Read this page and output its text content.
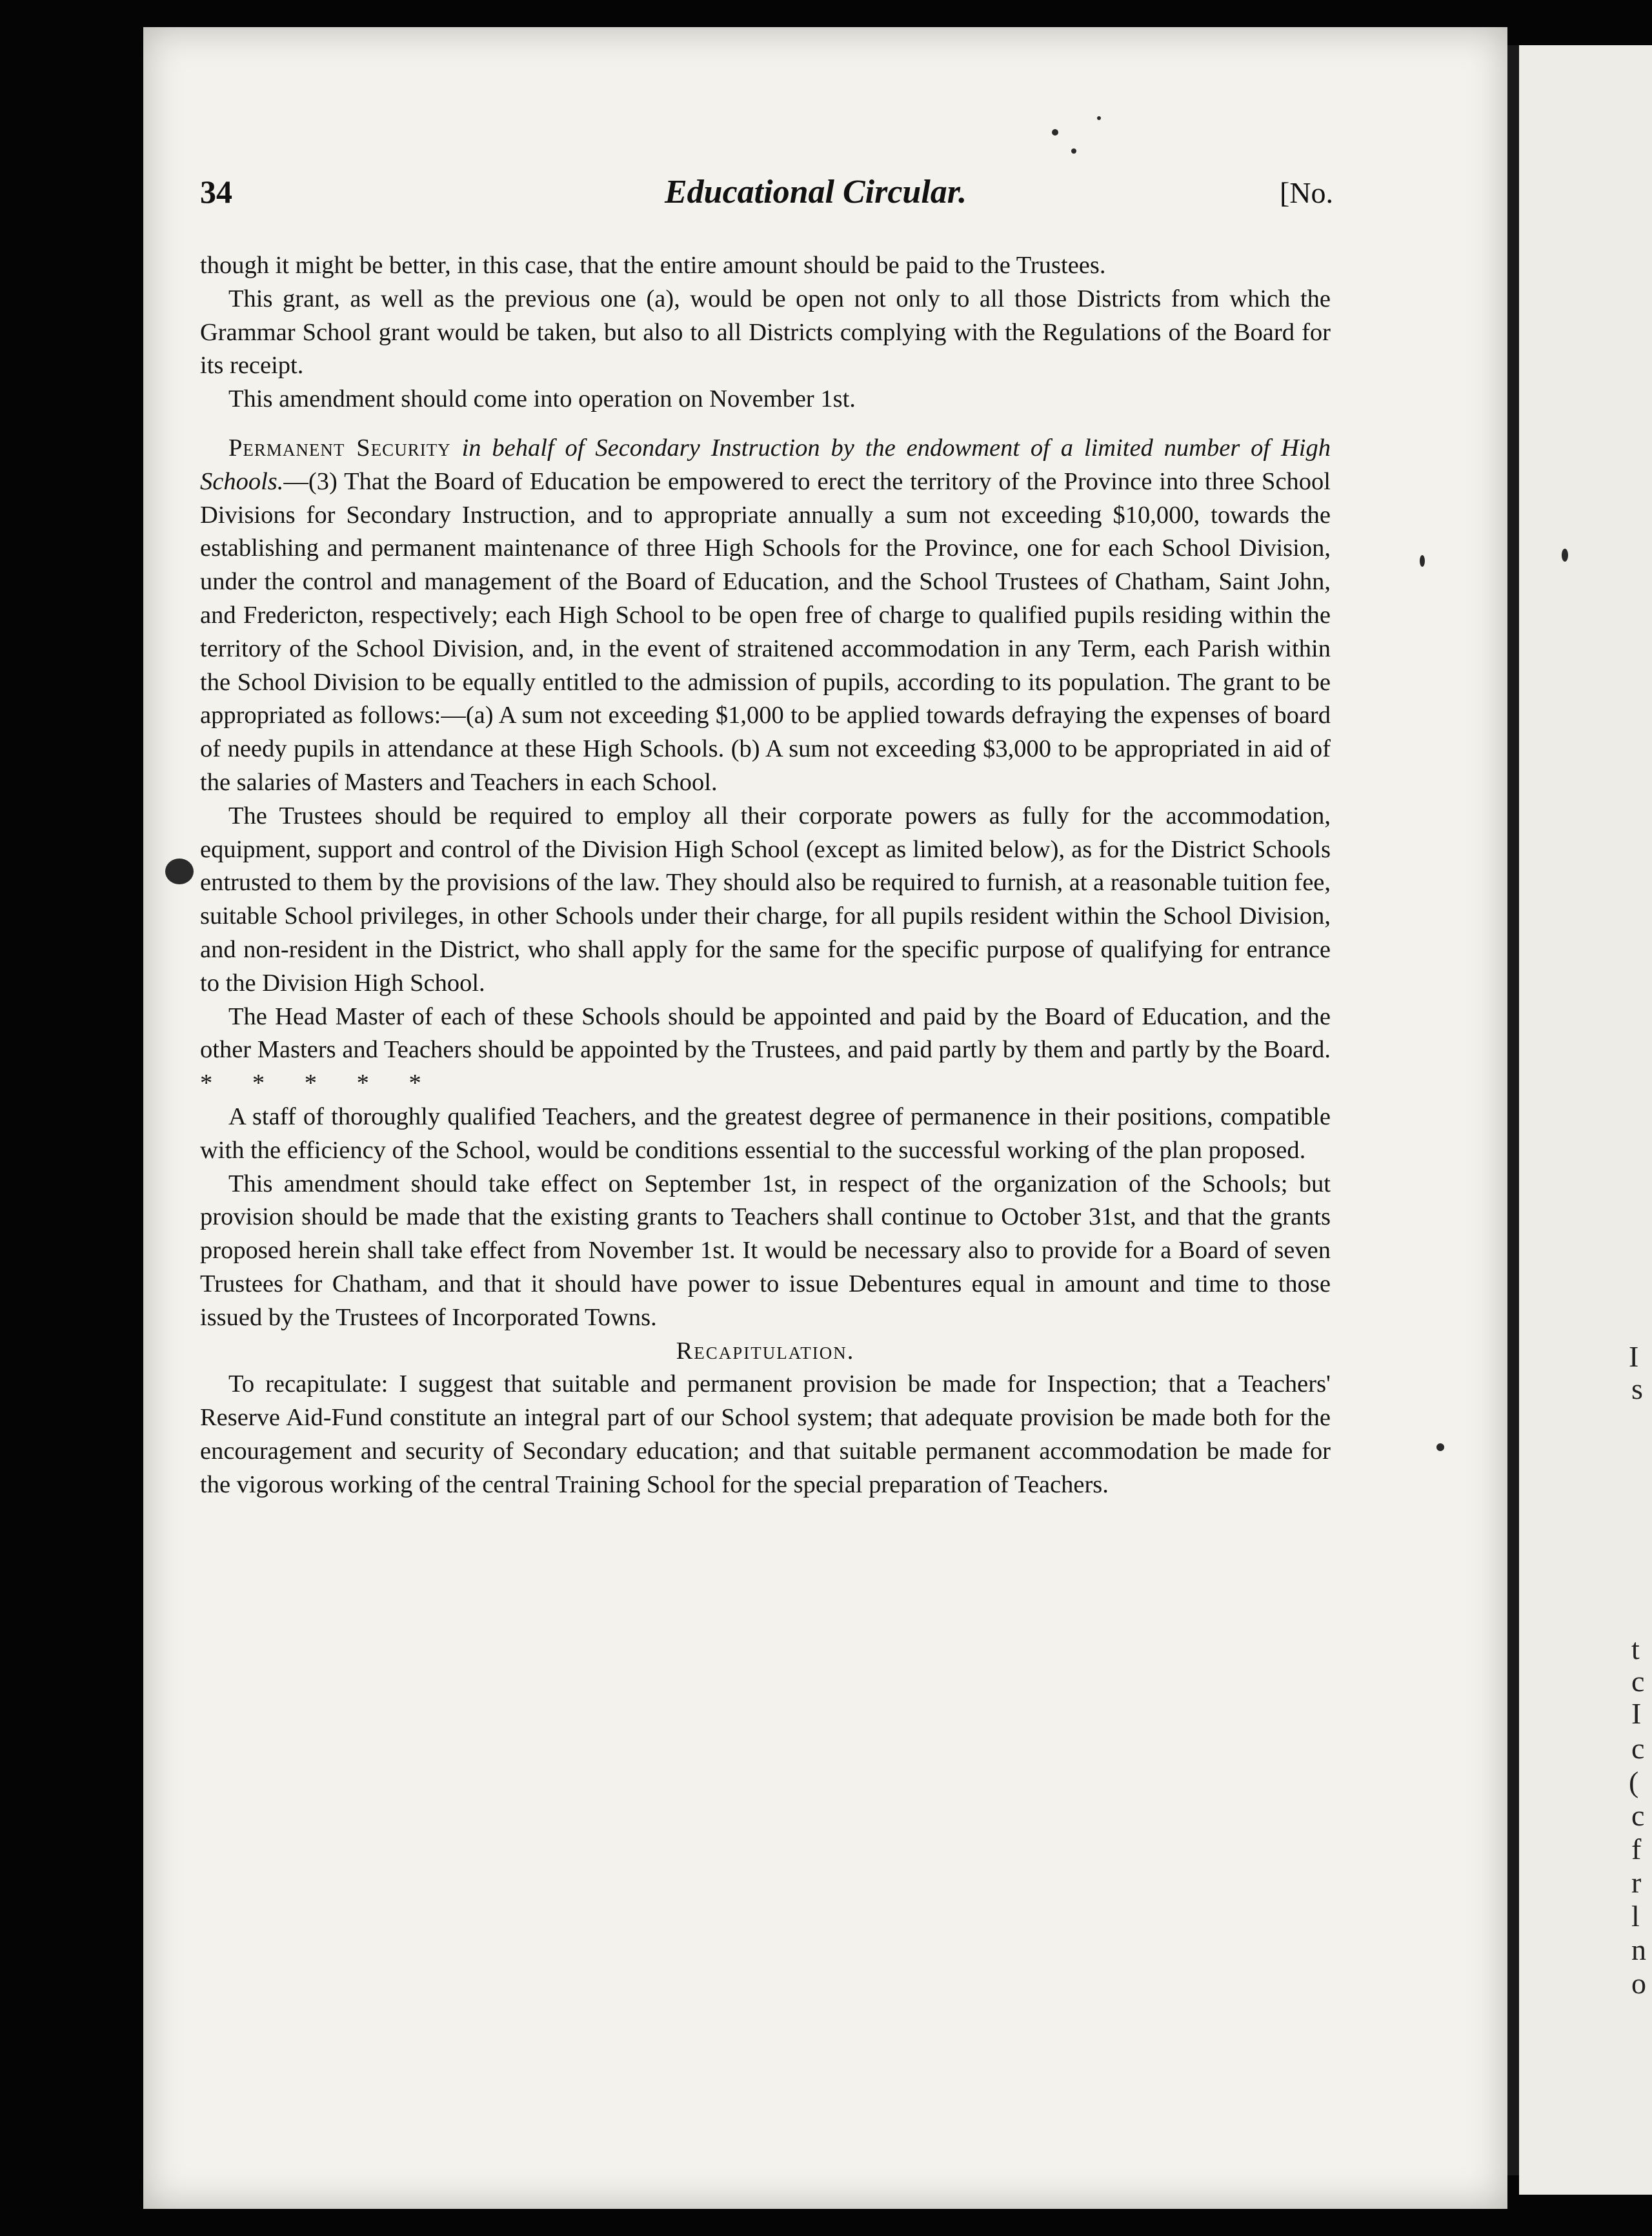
I
s
t
c
I
c
(
c
f
r
l
n
o
34	Educational Circular.	[No.

though it might be better, in this case, that the entire amount should be paid to the Trustees.

This grant, as well as the previous one (a), would be open not only to all those Districts from which the Grammar School grant would be taken, but also to all Districts complying with the Regulations of the Board for its receipt.

This amendment should come into operation on November 1st.

Permanent Security in behalf of Secondary Instruction by the endowment of a limited number of High Schools.—(3) That the Board of Education be empowered to erect the territory of the Province into three School Divisions for Secondary Instruction, and to appropriate annually a sum not exceeding $10,000, towards the establishing and permanent maintenance of three High Schools for the Province, one for each School Division, under the control and management of the Board of Education, and the School Trustees of Chatham, Saint John, and Fredericton, respectively; each High School to be open free of charge to qualified pupils residing within the territory of the School Division, and, in the event of straitened accommodation in any Term, each Parish within the School Division to be equally entitled to the admission of pupils, according to its population. The grant to be appropriated as follows:—(a) A sum not exceeding $1,000 to be applied towards defraying the expenses of board of needy pupils in attendance at these High Schools. (b) A sum not exceeding $3,000 to be appropriated in aid of the salaries of Masters and Teachers in each School.

The Trustees should be required to employ all their corporate powers as fully for the accommodation, equipment, support and control of the Division High School (except as limited below), as for the District Schools entrusted to them by the provisions of the law. They should also be required to furnish, at a reasonable tuition fee, suitable School privileges, in other Schools under their charge, for all pupils resident within the School Division, and non-resident in the District, who shall apply for the same for the specific purpose of qualifying for entrance to the Division High School.

The Head Master of each of these Schools should be appointed and paid by the Board of Education, and the other Masters and Teachers should be appointed by the Trustees, and paid partly by them and partly by the Board. * * * * *

A staff of thoroughly qualified Teachers, and the greatest degree of permanence in their positions, compatible with the efficiency of the School, would be conditions essential to the successful working of the plan proposed.

This amendment should take effect on September 1st, in respect of the organization of the Schools; but provision should be made that the existing grants to Teachers shall continue to October 31st, and that the grants proposed herein shall take effect from November 1st. It would be necessary also to provide for a Board of seven Trustees for Chatham, and that it should have power to issue Debentures equal in amount and time to those issued by the Trustees of Incorporated Towns.

Recapitulation.

To recapitulate: I suggest that suitable and permanent provision be made for Inspection; that a Teachers' Reserve Aid-Fund constitute an integral part of our School system; that adequate provision be made both for the encouragement and security of Secondary education; and that suitable permanent accommodation be made for the vigorous working of the central Training School for the special preparation of Teachers.
